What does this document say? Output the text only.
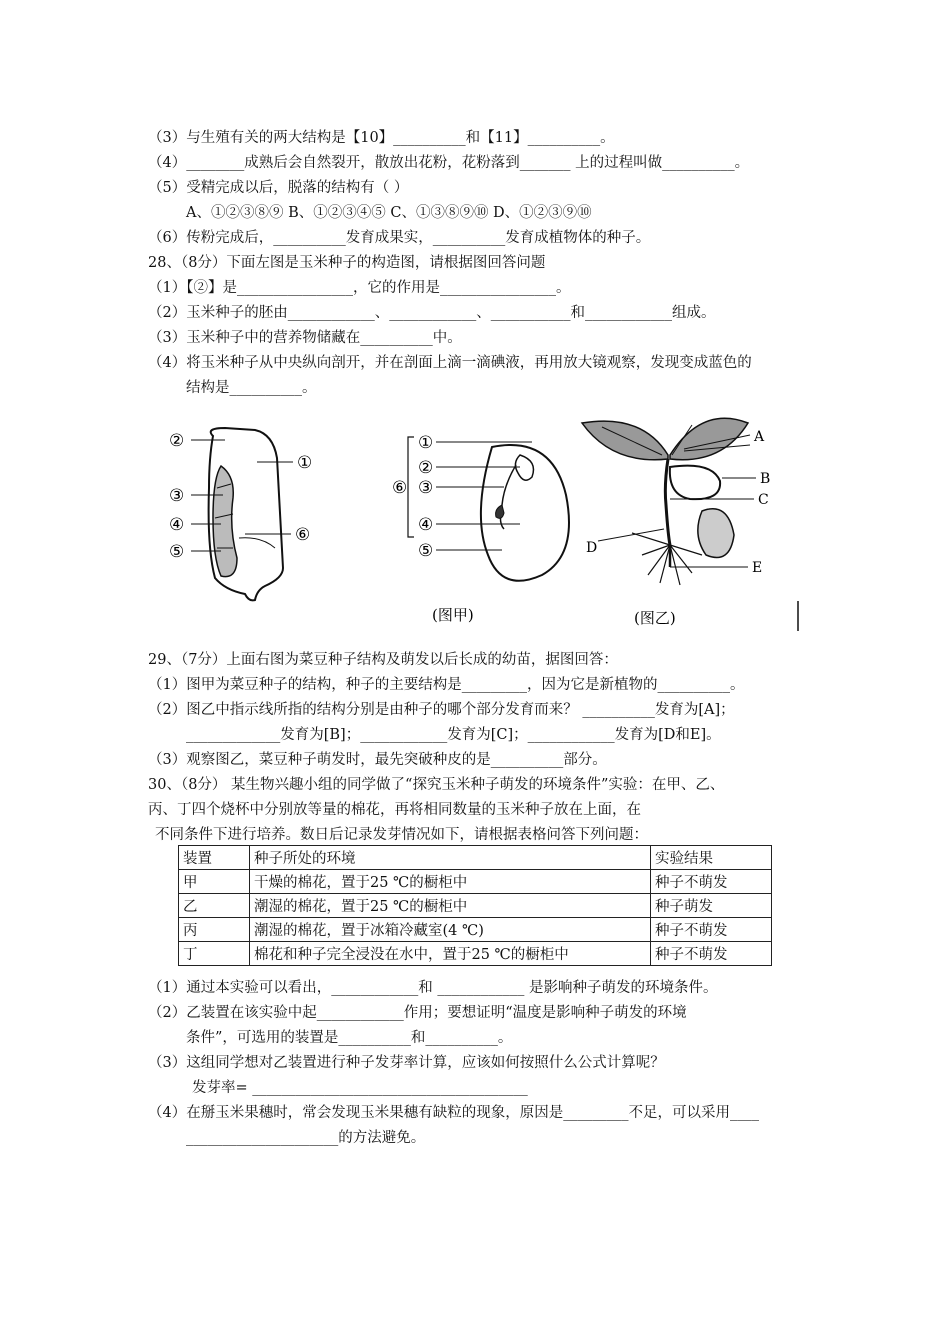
（3）与生殖有关的两大结构是【10】__________和【11】__________。
（4）________成熟后会自然裂开，散放出花粉，花粉落到_______ 上的过程叫做__________。
（5）受精完成以后，脱落的结构有（ ）
A、①②③⑧⑨ B、①②③④⑤ C、①③⑧⑨⑩ D、①②③⑨⑩
（6）传粉完成后，__________发育成果实，__________发育成植物体的种子。
28、（8分）下面左图是玉米种子的构造图，请根据图回答问题
（1）【②】是________________，它的作用是________________。
（2）玉米种子的胚由____________、____________、___________和____________组成。
（3）玉米种子中的营养物储藏在__________中。
（4）将玉米种子从中央纵向剖开，并在剖面上滴一滴碘液，再用放大镜观察，发现变成蓝色的
结构是__________。
②
①
③
④
⑤
⑥
①
②
⑥ ③
④
⑤
(图甲)
A
B
C
D
E
(图乙)
29、（7分）上面右图为菜豆种子结构及萌发以后长成的幼苗，据图回答：
（1）图甲为菜豆种子的结构，种子的主要结构是_________，因为它是新植物的__________。
（2）图乙中指示线所指的结构分别是由种子的哪个部分发育而来？ __________发育为[A]；
_____________发育为[B]；____________发育为[C]；____________发育为[D和E]。
（3）观察图乙，菜豆种子萌发时，最先突破种皮的是__________部分。
30、（8分） 某生物兴趣小组的同学做了“探究玉米种子萌发的环境条件”实验：在甲、乙、
丙、丁四个烧杯中分别放等量的棉花，再将相同数量的玉米种子放在上面，在
不同条件下进行培养。数日后记录发芽情况如下，请根据表格问答下列问题：
装置	种子所处的环境	实验结果
甲	干燥的棉花，置于25 ℃的橱柜中	种子不萌发
乙	潮湿的棉花，置于25 ℃的橱柜中	种子萌发
丙	潮湿的棉花，置于冰箱冷藏室(4 ℃)	种子不萌发
丁	棉花和种子完全浸没在水中，置于25 ℃的橱柜中	种子不萌发
（1）通过本实验可以看出，____________和 ____________ 是影响种子萌发的环境条件。
（2）乙装置在该实验中起____________作用；要想证明“温度是影响种子萌发的环境
条件”，可选用的装置是__________和__________。
（3）这组同学想对乙装置进行种子发芽率计算，应该如何按照什么公式计算呢？
发芽率= ______________________________________
（4）在掰玉米果穗时，常会发现玉米果穗有缺粒的现象，原因是_________不足，可以采用____
_____________________的方法避免。
